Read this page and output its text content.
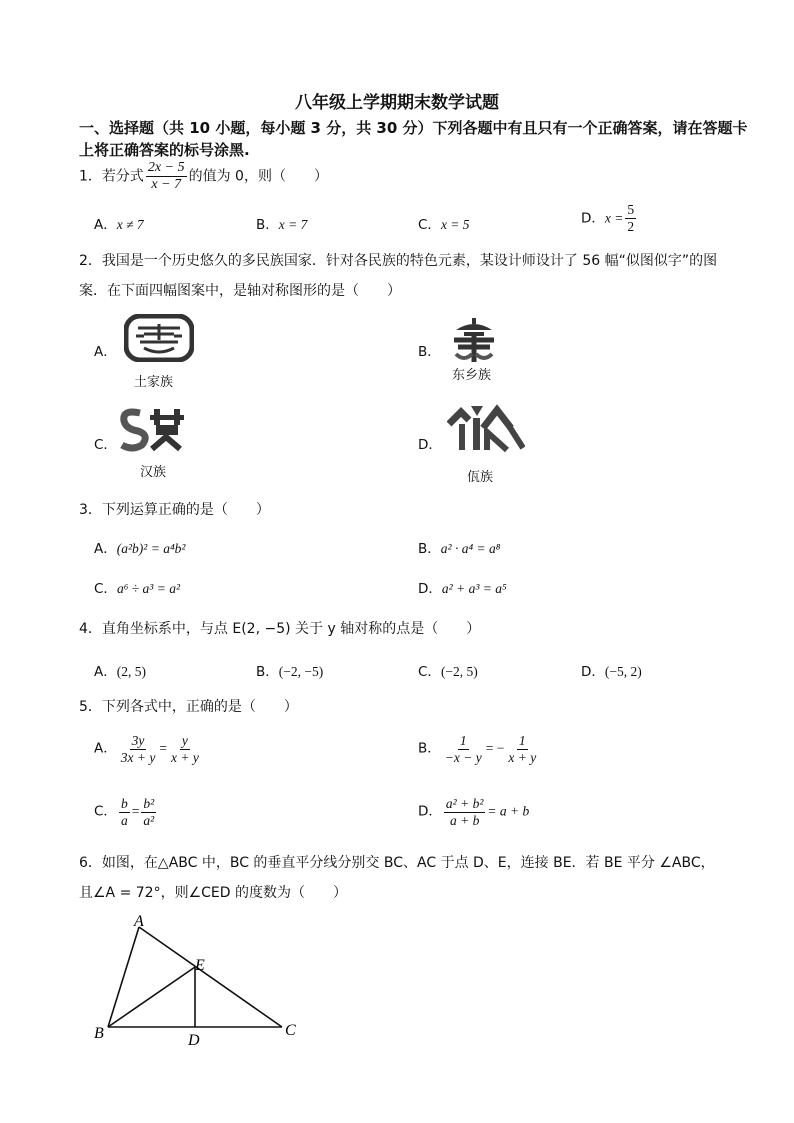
八年级上学期期末数学试题
一、选择题（共 10 小题，每小题 3 分，共 30 分）下列各题中有且只有一个正确答案，请在答题卡上将正确答案的标号涂黑.
1．若分式 $\frac{2x - 5}{x - 7}$ 的值为 0，则（　　）
A．x ≠ 7	B．x = 7	C．x = 5	D．$x = \frac{5}{2}$
2．我国是一个历史悠久的多民族国家．针对各民族的特色元素，某设计师设计了 56 幅“似图似字”的图
案．在下面四幅图案中，是轴对称图形的是（　　）
A．
土家族
B．
东乡族
C．
汉族
D．
佤族
3．下列运算正确的是（　　）
A．(a²b)² = a⁴b²	B．a² · a⁴ = a⁸
C．a⁶ ÷ a³ = a²	D．a² + a³ = a⁵
4．直角坐标系中，与点 E(2, −5) 关于 y 轴对称的点是（　　）
A．(2, 5)	B．(−2, −5)	C．(−2, 5)	D．(−5, 2)
5．下列各式中，正确的是（　　）
A． $\frac{3y}{3x + y} = \frac{y}{x + y}$	B． $\frac{1}{-x - y}$ = − $\frac{1}{x + y}$
C． $\frac{b}{a} = \frac{\text{b²}}{\text{a²}}$	D． $\frac{\text{a² + b²}}{a + b} = a + b$
6．如图，在△ABC 中，BC 的垂直平分线分别交 BC、AC 于点 D、E，连接 BE．若 BE 平分 ∠ABC，
且∠A = 72°，则∠CED 的度数为（　　）
A
B	C
D
E
